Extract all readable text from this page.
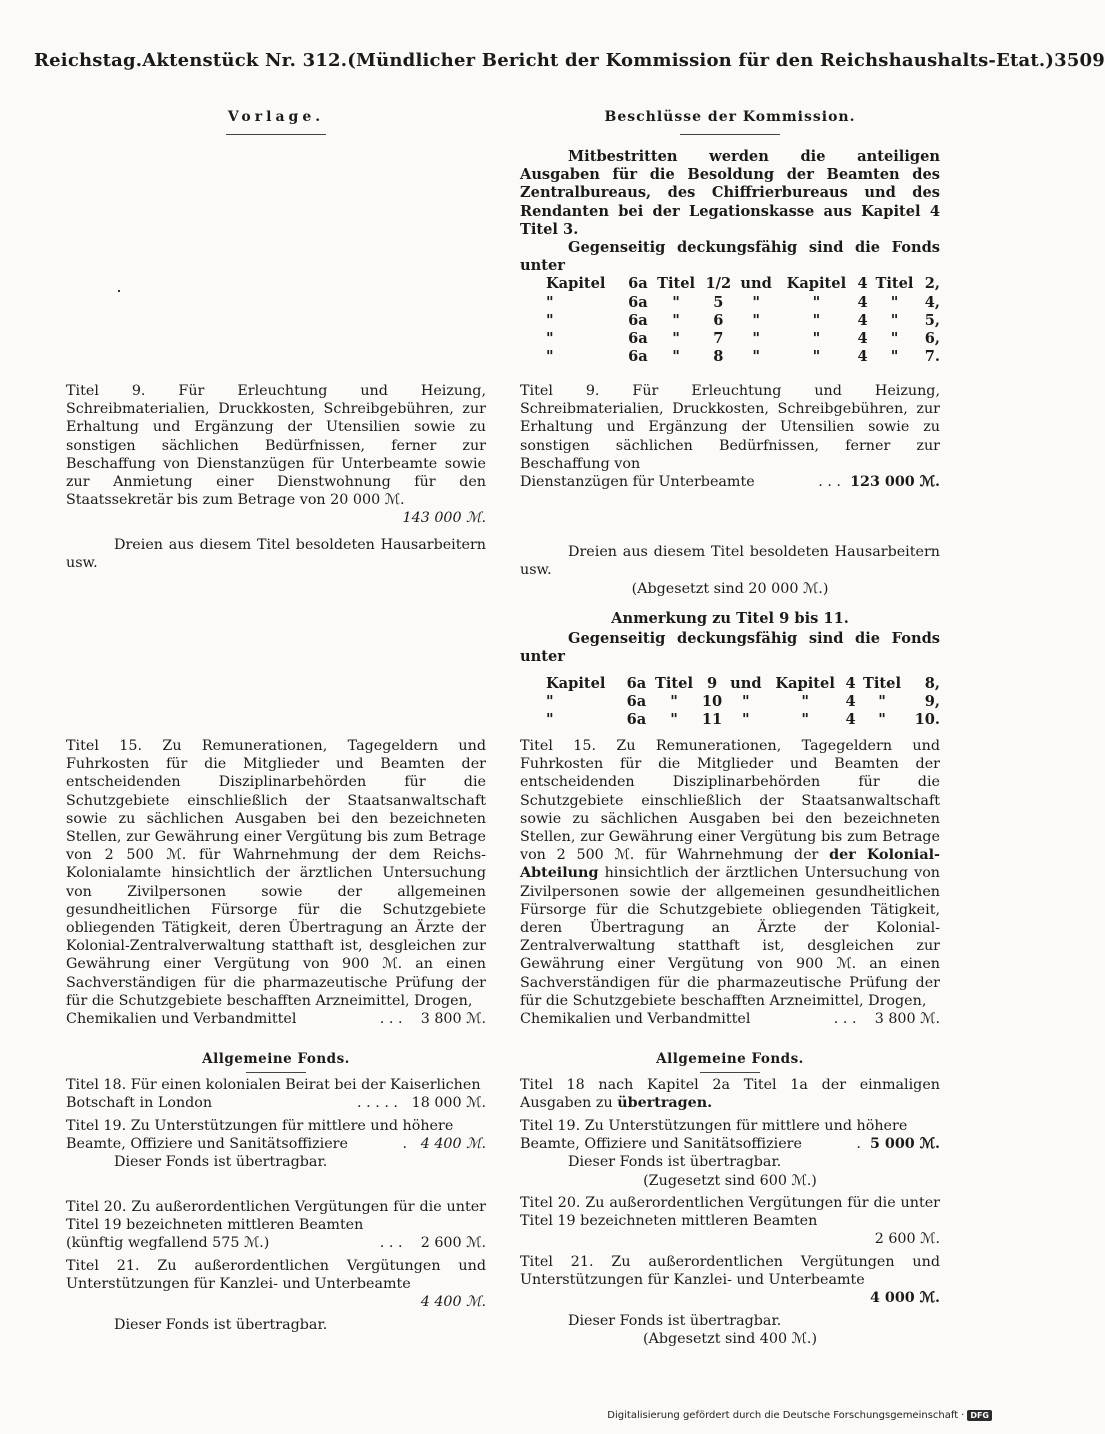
Reichstag. Aktenstück Nr. 312. (Mündlicher Bericht der Kommission für den Reichshaushalts-Etat.) 3509
Vorlage.
Titel 9. Für Erleuchtung und Heizung, Schreibmaterialien, Druckkosten, Schreibgebühren, zur Erhaltung und Ergänzung der Utensilien sowie zu sonstigen sächlichen Bedürfnissen, ferner zur Beschaffung von Dienstanzügen für Unterbeamte sowie zur Anmietung einer Dienstwohnung für den Staatssekretär bis zum Betrage von 20 000 ℳ.
143 000 ℳ.
Dreien aus diesem Titel besoldeten Hausarbeitern usw.
Titel 15. Zu Remunerationen, Tagegeldern und Fuhrkosten für die Mitglieder und Beamten der entscheidenden Disziplinarbehörden für die Schutzgebiete einschließlich der Staatsanwaltschaft sowie zu sächlichen Ausgaben bei den bezeichneten Stellen, zur Gewährung einer Vergütung bis zum Betrage von 2 500 ℳ. für Wahrnehmung der dem Reichs-Kolonialamte hinsichtlich der ärztlichen Untersuchung von Zivilpersonen sowie der allgemeinen gesundheitlichen Fürsorge für die Schutzgebiete obliegenden Tätigkeit, deren Übertragung an Ärzte der Kolonial-Zentralverwaltung statthaft ist, desgleichen zur Gewährung einer Vergütung von 900 ℳ. an einen Sachverständigen für die pharmazeutische Prüfung der für die Schutzgebiete beschafften Arzneimittel, Drogen,
Chemikalien und Verbandmittel	. . . 3 800 ℳ.
Allgemeine Fonds.
Titel 18. Für einen kolonialen Beirat bei der Kaiserlichen
Botschaft in London	. . . . . 18 000 ℳ.
Titel 19. Zu Unterstützungen für mittlere und höhere
Beamte, Offiziere und Sanitätsoffiziere	. 4 400 ℳ.
Dieser Fonds ist übertragbar.
Titel 20. Zu außerordentlichen Vergütungen für die unter Titel 19 bezeichneten mittleren Beamten
(künftig wegfallend 575 ℳ.)	. . . 2 600 ℳ.
Titel 21. Zu außerordentlichen Vergütungen und Unterstützungen für Kanzlei- und Unterbeamte
4 400 ℳ.
Dieser Fonds ist übertragbar.
Beschlüsse der Kommission.
Mitbestritten werden die anteiligen Ausgaben für die Besoldung der Beamten des Zentralbureaus, des Chiffrierbureaus und des Rendanten bei der Legationskasse aus Kapitel 4 Titel 3.
Gegenseitig deckungsfähig sind die Fonds unter
Kapitel	6a	Titel	1/2	und	Kapitel	4	Titel	2,
"	6a	"	5	"	"	4	"	4,
"	6a	"	6	"	"	4	"	5,
"	6a	"	7	"	"	4	"	6,
"	6a	"	8	"	"	4	"	7.
Titel 9. Für Erleuchtung und Heizung, Schreibmaterialien, Druckkosten, Schreibgebühren, zur Erhaltung und Ergänzung der Utensilien sowie zu sonstigen sächlichen Bedürfnissen, ferner zur Beschaffung von
Dienstanzügen für Unterbeamte	. . . 123 000 ℳ.
Dreien aus diesem Titel besoldeten Hausarbeitern usw.
(Abgesetzt sind 20 000 ℳ.)
Anmerkung zu Titel 9 bis 11.
Gegenseitig deckungsfähig sind die Fonds unter
Kapitel	6a	Titel	9	und	Kapitel	4	Titel	8,
"	6a	"	10	"	"	4	"	9,
"	6a	"	11	"	"	4	"	10.
Titel 15. Zu Remunerationen, Tagegeldern und Fuhrkosten für die Mitglieder und Beamten der entscheidenden Disziplinarbehörden für die Schutzgebiete einschließlich der Staatsanwaltschaft sowie zu sächlichen Ausgaben bei den bezeichneten Stellen, zur Gewährung einer Vergütung bis zum Betrage von 2 500 ℳ. für Wahrnehmung der der Kolonial-Abteilung hinsichtlich der ärztlichen Untersuchung von Zivilpersonen sowie der allgemeinen gesundheitlichen Fürsorge für die Schutzgebiete obliegenden Tätigkeit, deren Übertragung an Ärzte der Kolonial-Zentralverwaltung statthaft ist, desgleichen zur Gewährung einer Vergütung von 900 ℳ. an einen Sachverständigen für die pharmazeutische Prüfung der für die Schutzgebiete beschafften Arzneimittel, Drogen,
Chemikalien und Verbandmittel	. . . 3 800 ℳ.
Allgemeine Fonds.
Titel 18 nach Kapitel 2a Titel 1a der einmaligen Ausgaben zu übertragen.
Titel 19. Zu Unterstützungen für mittlere und höhere
Beamte, Offiziere und Sanitätsoffiziere	. 5 000 ℳ.
Dieser Fonds ist übertragbar.
(Zugesetzt sind 600 ℳ.)
Titel 20. Zu außerordentlichen Vergütungen für die unter Titel 19 bezeichneten mittleren Beamten
2 600 ℳ.
Titel 21. Zu außerordentlichen Vergütungen und Unterstützungen für Kanzlei- und Unterbeamte
4 000 ℳ.
Dieser Fonds ist übertragbar.
(Abgesetzt sind 400 ℳ.)
Digitalisierung gefördert durch die Deutsche Forschungsgemeinschaft · DFG
